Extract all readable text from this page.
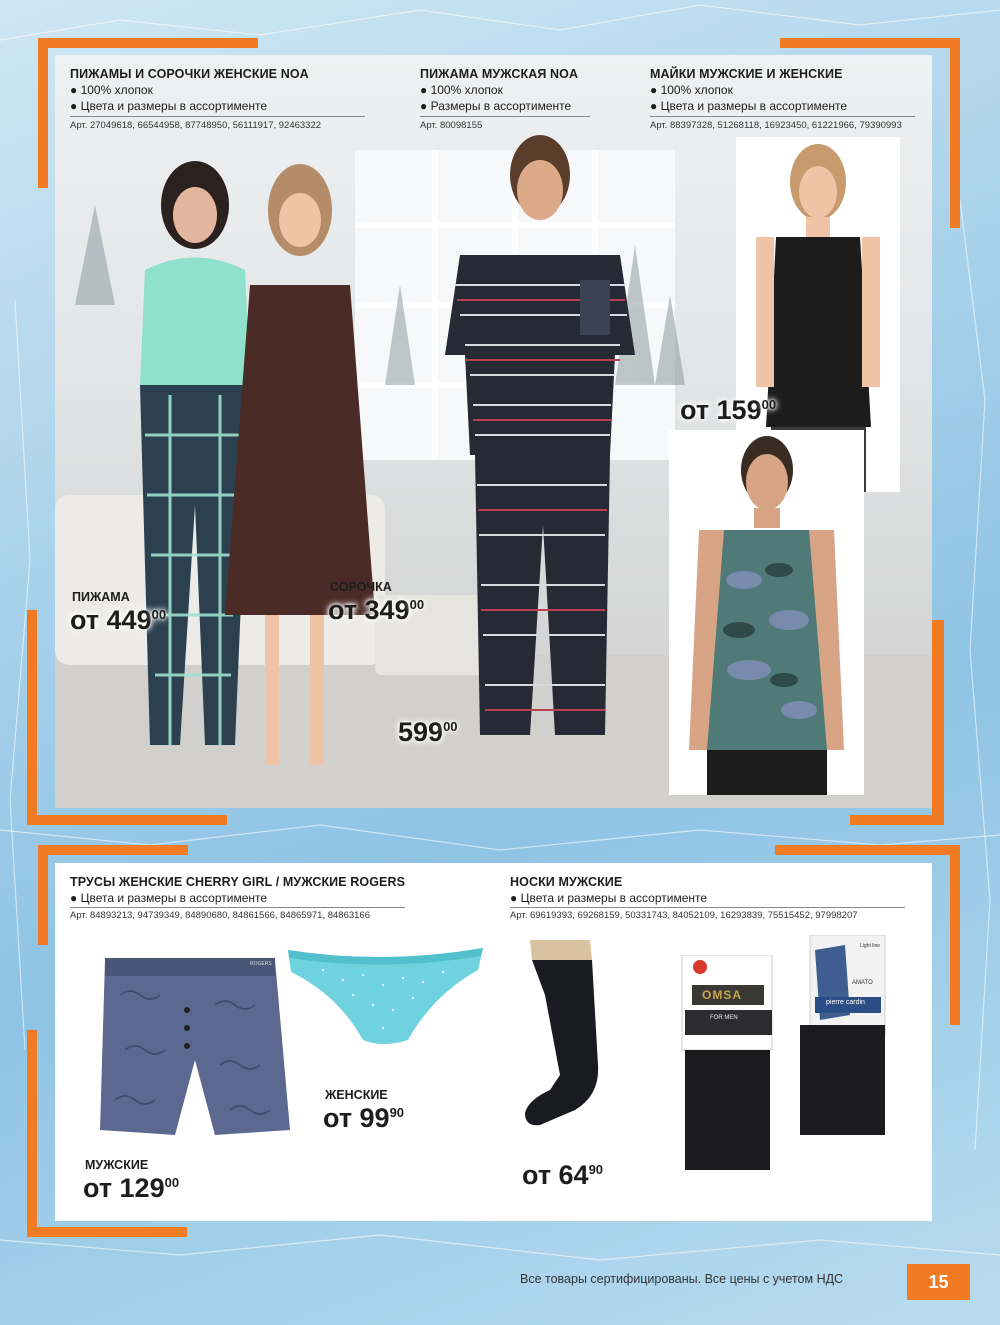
ПИЖАМЫ И СОРОЧКИ ЖЕНСКИЕ NOA
● 100% хлопок
● Цвета и размеры в ассортименте
Арт. 27049618, 66544958, 87748950, 56111917, 92463322
ПИЖАМА МУЖСКАЯ NOA
● 100% хлопок
● Размеры в ассортименте
Арт. 80098155
МАЙКИ МУЖСКИЕ И ЖЕНСКИЕ
● 100% хлопок
● Цвета и размеры в ассортименте
Арт. 88397328, 51268118, 16923450, 61221966, 79390993
ПИЖАМА
от $449^{00}$
СОРОЧКА
от $349^{00}$
$599^{00}$
от $159^{00}$
ТРУСЫ ЖЕНСКИЕ CHERRY GIRL / МУЖСКИЕ ROGERS
● Цвета и размеры в ассортименте
Арт. 84893213, 94739349, 84890680, 84861566, 84865971, 84863166
НОСКИ МУЖСКИЕ
● Цвета и размеры в ассортименте
Арт. 69619393, 69268159, 50331743, 84052109, 16293839, 75515452, 97998207
ROGERS
ЖЕНСКИЕ
от $99^{90}$
МУЖСКИЕ
от $129^{00}$
OMSA
FOR MEN
Light line
AMATO
pierre cardin
от $64^{90}$
Все товары сертифицированы. Все цены с учетом НДС	15
